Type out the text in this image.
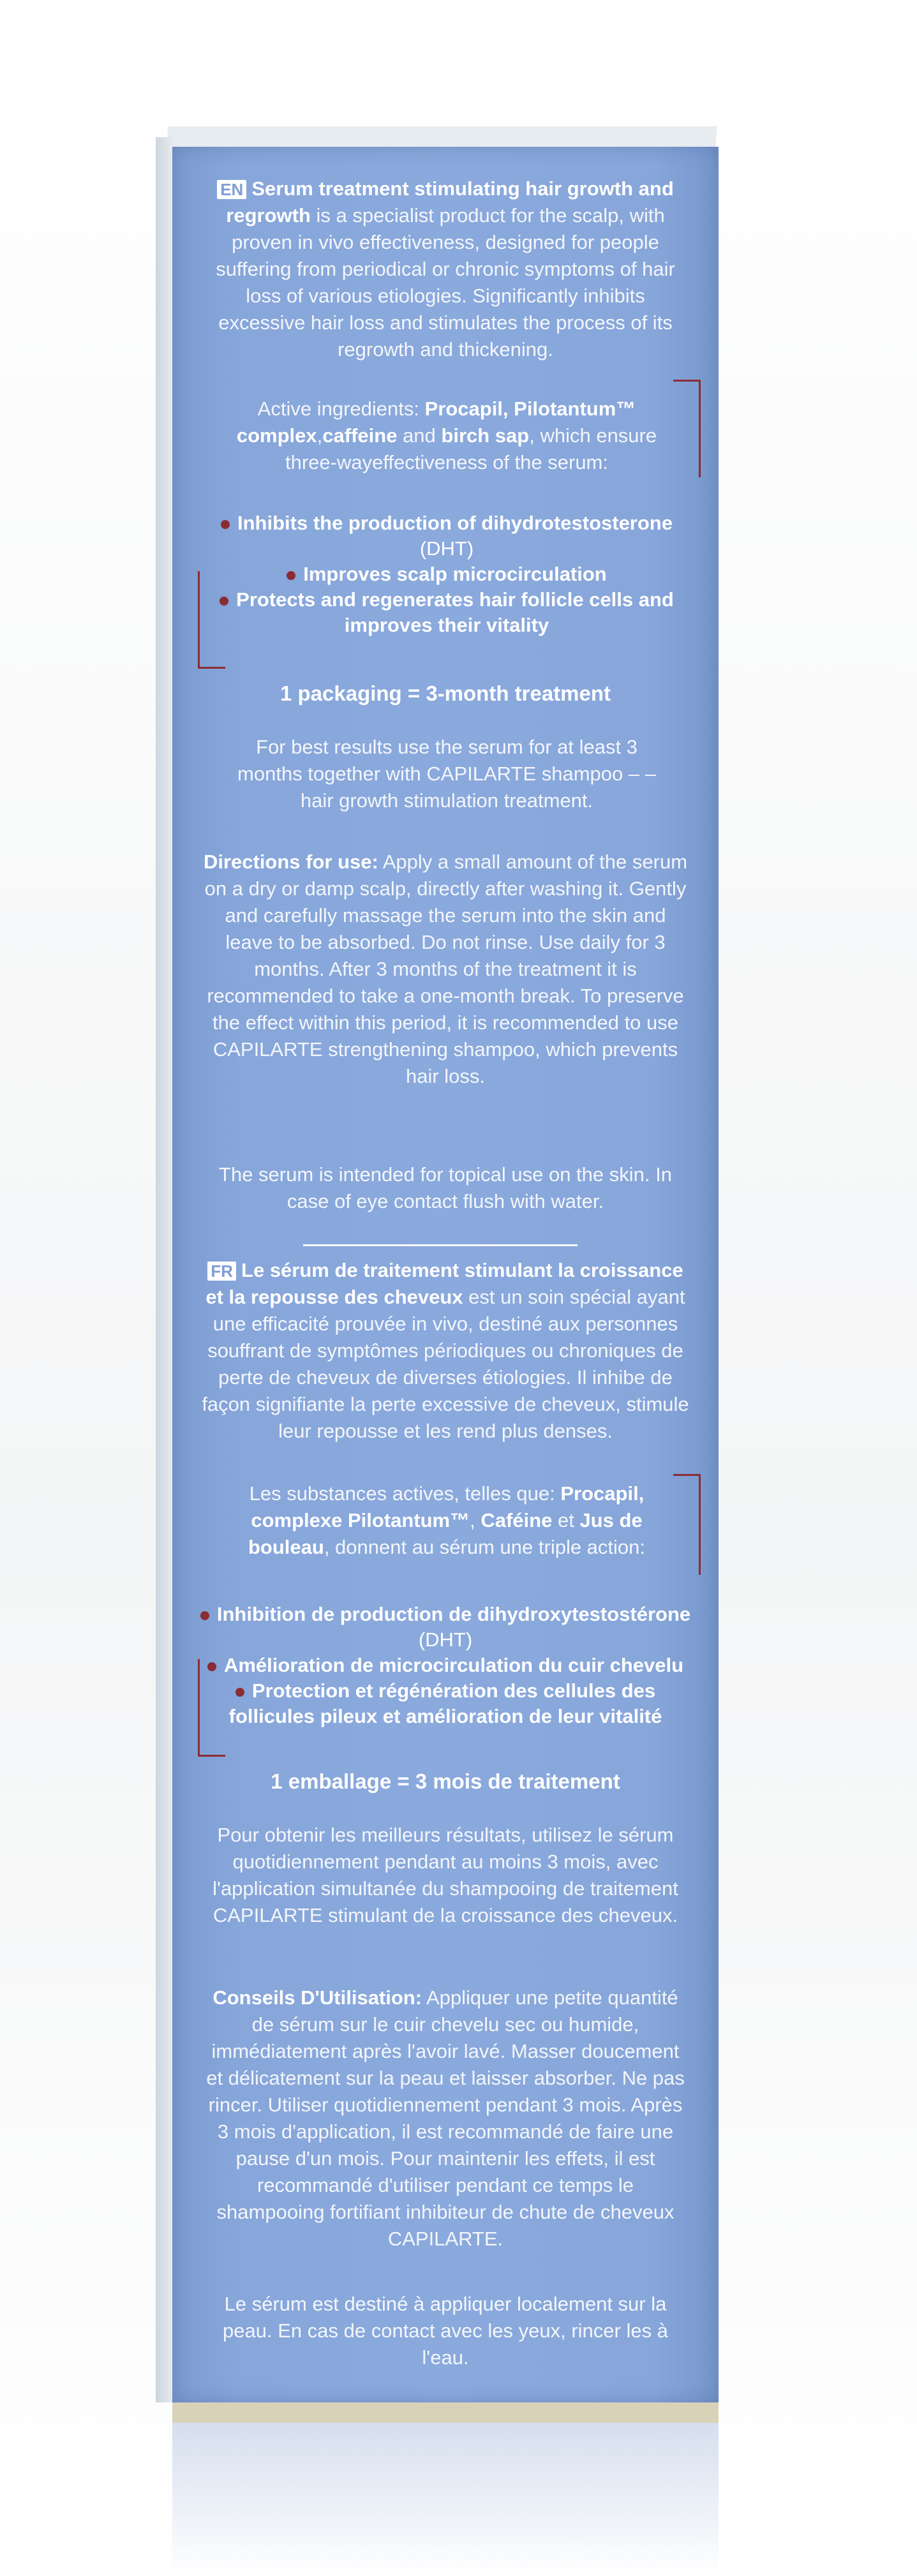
EN Serum treatment stimulating hair growth and regrowth is a specialist product for the scalp, with proven in vivo effectiveness, designed for people suffering from periodical or chronic symptoms of hair loss of various etiologies. Significantly inhibits excessive hair loss and stimulates the process of its regrowth and thickening.

Active ingredients: Procapil, Pilotantum™ complex,caffeine and birch sap, which ensure three-wayeffectiveness of the serum:

Inhibits the production of dihydrotestosterone (DHT)
Improves scalp microcirculation
Protects and regenerates hair follicle cells and improves their vitality
1 packaging = 3-month treatment

For best results use the serum for at least 3 months together with CAPILARTE shampoo – – hair growth stimulation treatment.

Directions for use: Apply a small amount of the serum on a dry or damp scalp, directly after washing it. Gently and carefully massage the serum into the skin and leave to be absorbed. Do not rinse. Use daily for 3 months. After 3 months of the treatment it is recommended to take a one-month break. To preserve the effect within this period, it is recommended to use CAPILARTE strengthening shampoo, which prevents hair loss.

The serum is intended for topical use on the skin. In case of eye contact flush with water.

FR Le sérum de traitement stimulant la croissance et la repousse des cheveux est un soin spécial ayant une efficacité prouvée in vivo, destiné aux personnes souffrant de symptômes périodiques ou chroniques de perte de cheveux de diverses étiologies. Il inhibe de façon signifiante la perte excessive de cheveux, stimule leur repousse et les rend plus denses.

Les substances actives, telles que: Procapil, complexe Pilotantum™, Caféine et Jus de bouleau, donnent au sérum une triple action:

Inhibition de production de dihydroxytestostérone (DHT)
Amélioration de microcirculation du cuir chevelu
Protection et régénération des cellules des follicules pileux et amélioration de leur vitalité
1 emballage = 3 mois de traitement

Pour obtenir les meilleurs résultats, utilisez le sérum quotidiennement pendant au moins 3 mois, avec l'application simultanée du shampooing de traitement CAPILARTE stimulant de la croissance des cheveux.

Conseils D'Utilisation: Appliquer une petite quantité de sérum sur le cuir chevelu sec ou humide, immédiatement après l'avoir lavé. Masser doucement et délicatement sur la peau et laisser absorber. Ne pas rincer. Utiliser quotidiennement pendant 3 mois. Après 3 mois d'application, il est recommandé de faire une pause d'un mois. Pour maintenir les effets, il est recommandé d'utiliser pendant ce temps le shampooing fortifiant inhibiteur de chute de cheveux CAPILARTE.

Le sérum est destiné à appliquer localement sur la peau. En cas de contact avec les yeux, rincer les à l'eau.
